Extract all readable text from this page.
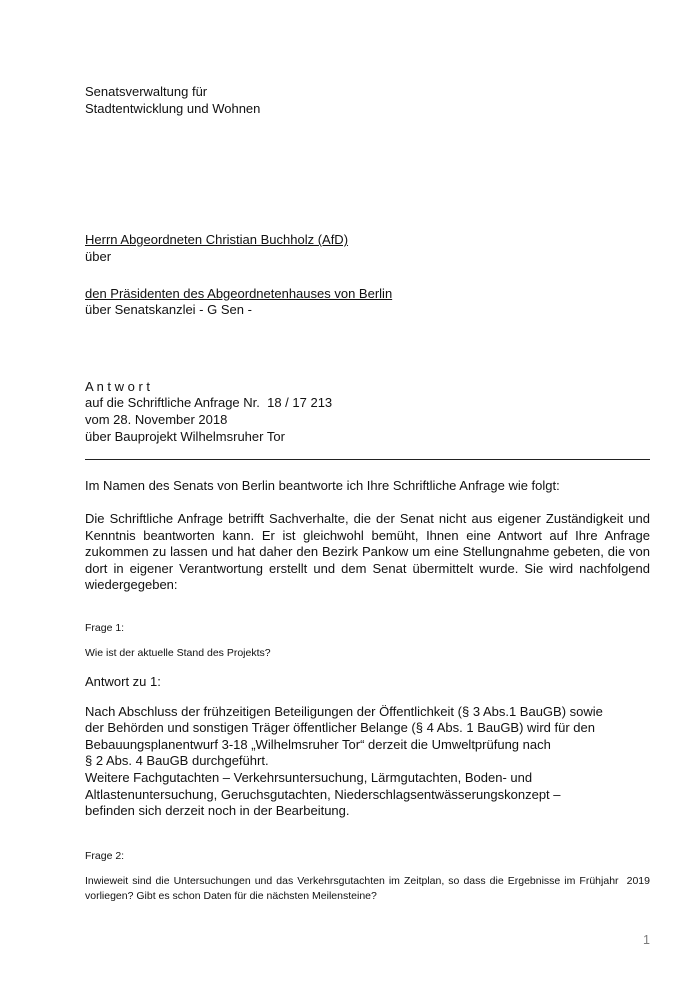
Senatsverwaltung für
Stadtentwicklung und Wohnen
Herrn Abgeordneten Christian Buchholz (AfD)
über
den Präsidenten des Abgeordnetenhauses von Berlin
über Senatskanzlei - G Sen -
A n t w o r t
auf die Schriftliche Anfrage Nr.  18 / 17 213
vom 28. November 2018
über Bauprojekt Wilhelmsruher Tor

Im Namen des Senats von Berlin beantworte ich Ihre Schriftliche Anfrage wie folgt:

Die Schriftliche Anfrage betrifft Sachverhalte, die der Senat nicht aus eigener Zuständigkeit und Kenntnis beantworten kann. Er ist gleichwohl bemüht, Ihnen eine Antwort auf Ihre Anfrage zukommen zu lassen und hat daher den Bezirk Pankow um eine Stellungnahme gebeten, die von dort in eigener Verantwortung erstellt und dem Senat übermittelt wurde. Sie wird nachfolgend wiedergegeben:

Frage 1:

Wie ist der aktuelle Stand des Projekts?

Antwort zu 1:

Nach Abschluss der frühzeitigen Beteiligungen der Öffentlichkeit (§ 3 Abs.1 BauGB) sowie
der Behörden und sonstigen Träger öffentlicher Belange (§ 4 Abs. 1 BauGB) wird für den
Bebauungsplanentwurf 3-18 „Wilhelmsruher Tor“ derzeit die Umweltprüfung nach
§ 2 Abs. 4 BauGB durchgeführt.
Weitere Fachgutachten – Verkehrsuntersuchung, Lärmgutachten, Boden- und
Altlastenuntersuchung, Geruchsgutachten, Niederschlagsentwässerungskonzept –
befinden sich derzeit noch in der Bearbeitung.

Frage 2:

Inwieweit sind die Untersuchungen und das Verkehrsgutachten im Zeitplan, so dass die Ergebnisse im Frühjahr  2019 vorliegen? Gibt es schon Daten für die nächsten Meilensteine?

1
